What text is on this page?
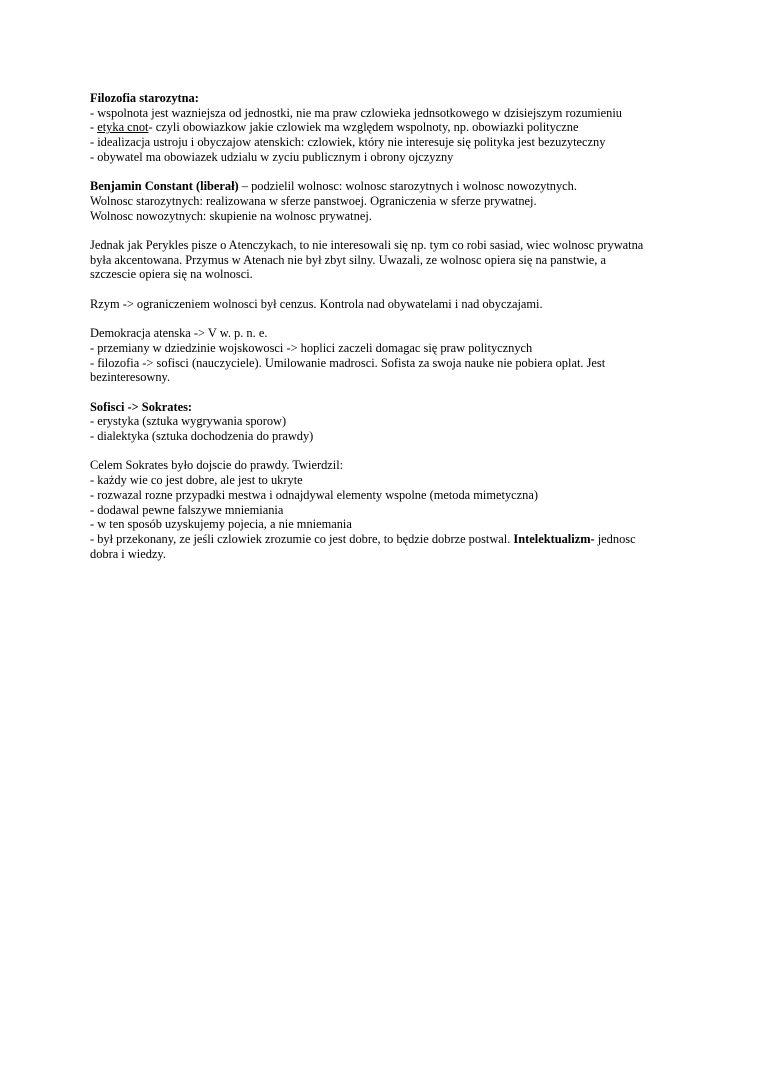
Filozofia starozytna:
- wspolnota jest wazniejsza od jednostki, nie ma praw czlowieka jednsotkowego w dzisiejszym rozumieniu
- etyka cnot- czyli obowiazkow jakie czlowiek ma względem wspolnoty, np. obowiazki polityczne
- idealizacja ustroju i obyczajow atenskich: czlowiek, który nie interesuje się polityka jest bezuzyteczny
- obywatel ma obowiazek udzialu w zyciu publicznym i obrony ojczyzny
Benjamin Constant (liberał) – podzielil wolnosc: wolnosc starozytnych i wolnosc nowozytnych.
Wolnosc starozytnych: realizowana w sferze panstwoej. Ograniczenia w sferze prywatnej.
Wolnosc nowozytnych: skupienie na wolnosc prywatnej.
Jednak jak Perykles pisze o Atenczykach, to nie interesowali się np. tym co robi sasiad, wiec wolnosc prywatna
była akcentowana. Przymus w Atenach nie był zbyt silny. Uwazali, ze wolnosc opiera się na panstwie, a
szczescie opiera się na wolnosci.
Rzym -> ograniczeniem wolnosci był cenzus. Kontrola nad obywatelami i nad obyczajami.
Demokracja atenska -> V w. p. n. e.
- przemiany w dziedzinie wojskowosci -> hoplici zaczeli domagac się praw politycznych
- filozofia -> sofisci (nauczyciele). Umilowanie madrosci. Sofista za swoja nauke nie pobiera oplat. Jest
bezinteresowny.
Sofisci -> Sokrates:
- erystyka (sztuka wygrywania sporow)
- dialektyka (sztuka dochodzenia do prawdy)
Celem Sokrates było dojscie do prawdy. Twierdzil:
- każdy wie co jest dobre, ale jest to ukryte
- rozwazal rozne przypadki mestwa i odnajdywal elementy wspolne (metoda mimetyczna)
- dodawal pewne falszywe mniemiania
- w ten sposób uzyskujemy pojecia, a nie mniemania
- był przekonany, ze jeśli czlowiek zrozumie co jest dobre, to będzie dobrze postwal. Intelektualizm- jednosc
dobra i wiedzy.
